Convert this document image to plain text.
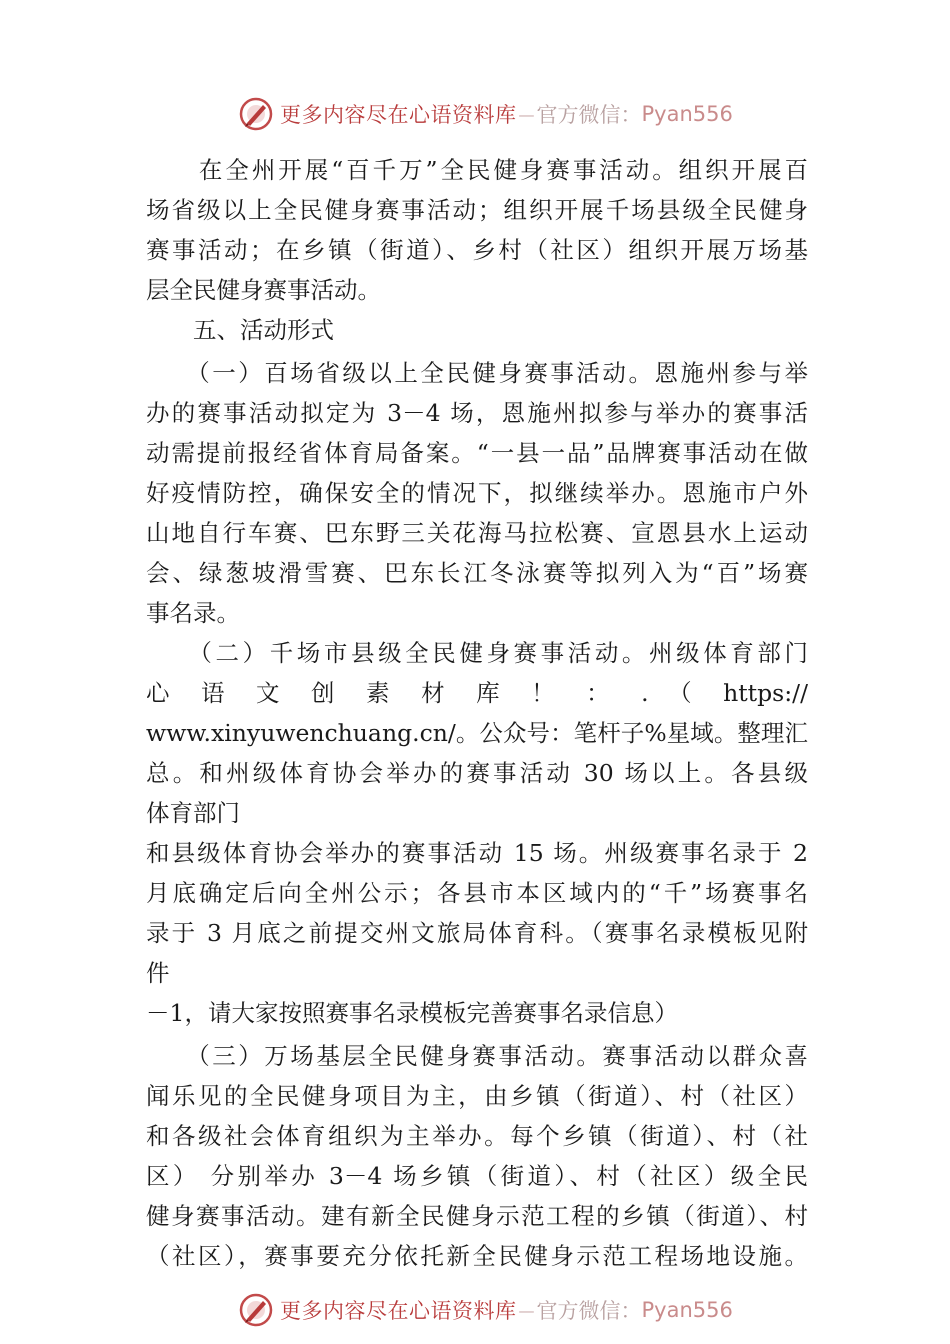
更多内容尽在心语资料库 — 官方微信： Pyan556
　　在全州开展“百千万”全民健身赛事活动。组织开展百
场省级以上全民健身赛事活动；组织开展千场县级全民健身
赛事活动；在乡镇（街道）、乡村（社区）组织开展万场基
层全民健身赛事活动。
　　五、活动形式
　　（一）百场省级以上全民健身赛事活动。恩施州参与举
办的赛事活动拟定为 3－4 场，恩施州拟参与举办的赛事活
动需提前报经省体育局备案。“一县一品”品牌赛事活动在做
好疫情防控，确保安全的情况下，拟继续举办。恩施市户外
山地自行车赛、巴东野三关花海马拉松赛、宣恩县水上运动
会、绿葱坡滑雪赛、巴东长江冬泳赛等拟列入为“百”场赛
事名录。
　　（二）千场市县级全民健身赛事活动。州级体育部门
心 语 文 创 素 材 库 ！ ： . （ https://
www.xinyuwenchuang.cn/。公众号：笔杆子%星域。整理汇
总。和州级体育协会举办的赛事活动 30 场以上。各县级
体育部门
和县级体育协会举办的赛事活动 15 场。州级赛事名录于 2
月底确定后向全州公示；各县市本区域内的“千”场赛事名
录于 3 月底之前提交州文旅局体育科。（赛事名录模板见附
件
－1，请大家按照赛事名录模板完善赛事名录信息）
　　（三）万场基层全民健身赛事活动。赛事活动以群众喜
闻乐见的全民健身项目为主，由乡镇（街道）、村（社区）
和各级社会体育组织为主举办。每个乡镇（街道）、村（社
区） 分别举办 3－4 场乡镇（街道）、村（社区）级全民
健身赛事活动。建有新全民健身示范工程的乡镇（街道）、村
（社区），赛事要充分依托新全民健身示范工程场地设施。
更多内容尽在心语资料库 — 官方微信： Pyan556
